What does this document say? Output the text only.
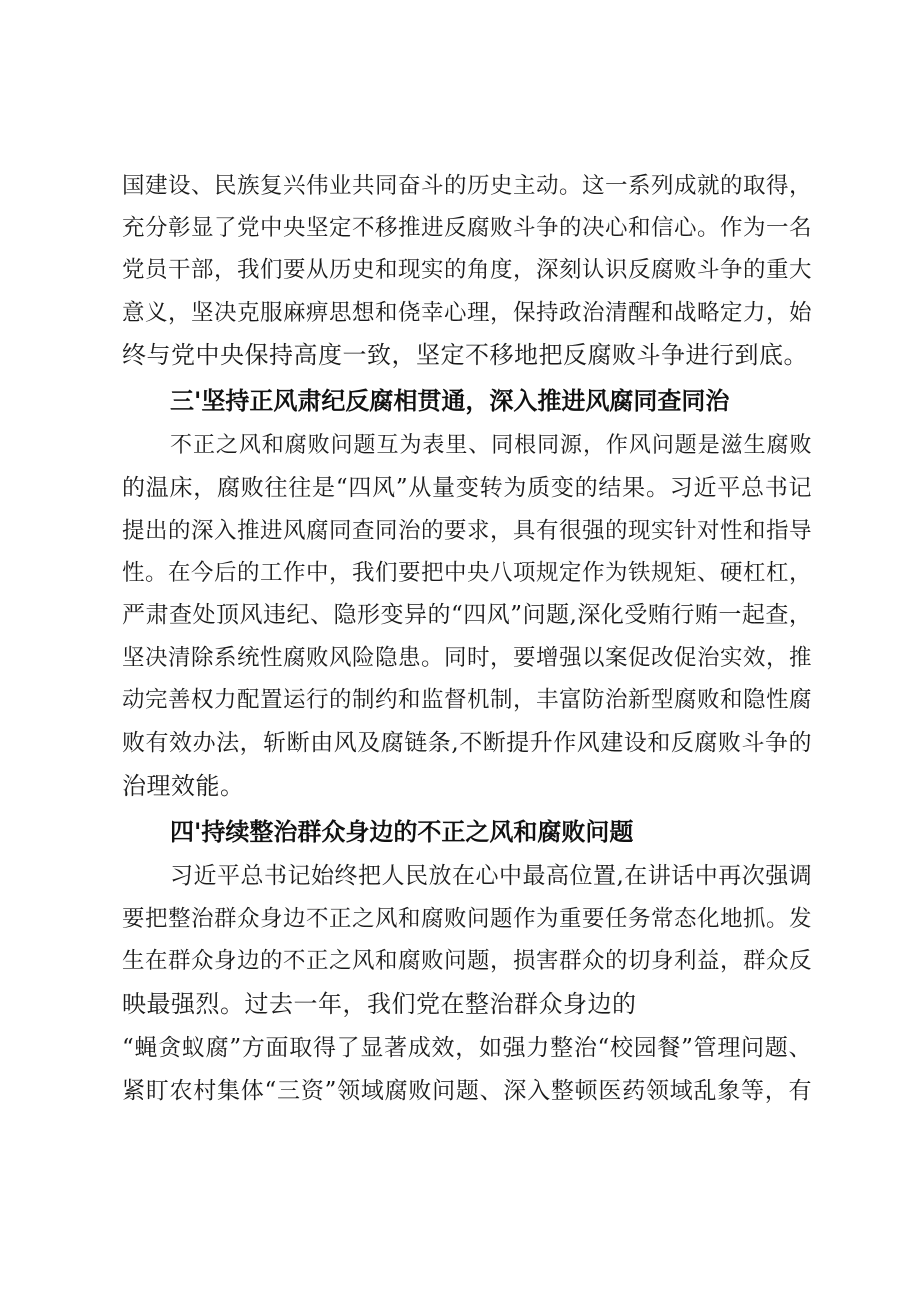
国建设、民族复兴伟业共同奋斗的历史主动。这一系列成就的取得，
充分彰显了党中央坚定不移推进反腐败斗争的决心和信心。作为一名
党员干部，我们要从历史和现实的角度，深刻认识反腐败斗争的重大
意义，坚决克服麻痹思想和侥幸心理，保持政治清醒和战略定力，始
终与党中央保持高度一致，坚定不移地把反腐败斗争进行到底。
三'坚持正风肃纪反腐相贯通，深入推进风腐同查同治
不正之风和腐败问题互为表里、同根同源，作风问题是滋生腐败
的温床，腐败往往是“四风”从量变转为质变的结果。习近平总书记
提出的深入推进风腐同查同治的要求，具有很强的现实针对性和指导
性。在今后的工作中，我们要把中央八项规定作为铁规矩、硬杠杠，
严肃查处顶风违纪、隐形变异的“四风”问题,深化受贿行贿一起查，
坚决清除系统性腐败风险隐患。同时，要增强以案促改促治实效，推
动完善权力配置运行的制约和监督机制，丰富防治新型腐败和隐性腐
败有效办法，斩断由风及腐链条,不断提升作风建设和反腐败斗争的
治理效能。
四'持续整治群众身边的不正之风和腐败问题
习近平总书记始终把人民放在心中最高位置,在讲话中再次强调
要把整治群众身边不正之风和腐败问题作为重要任务常态化地抓。发
生在群众身边的不正之风和腐败问题，损害群众的切身利益，群众反
映最强烈。过去一年，我们党在整治群众身边的
“蝇贪蚁腐”方面取得了显著成效，如强力整治“校园餐”管理问题、
紧盯农村集体“三资”领域腐败问题、深入整顿医药领域乱象等，有
